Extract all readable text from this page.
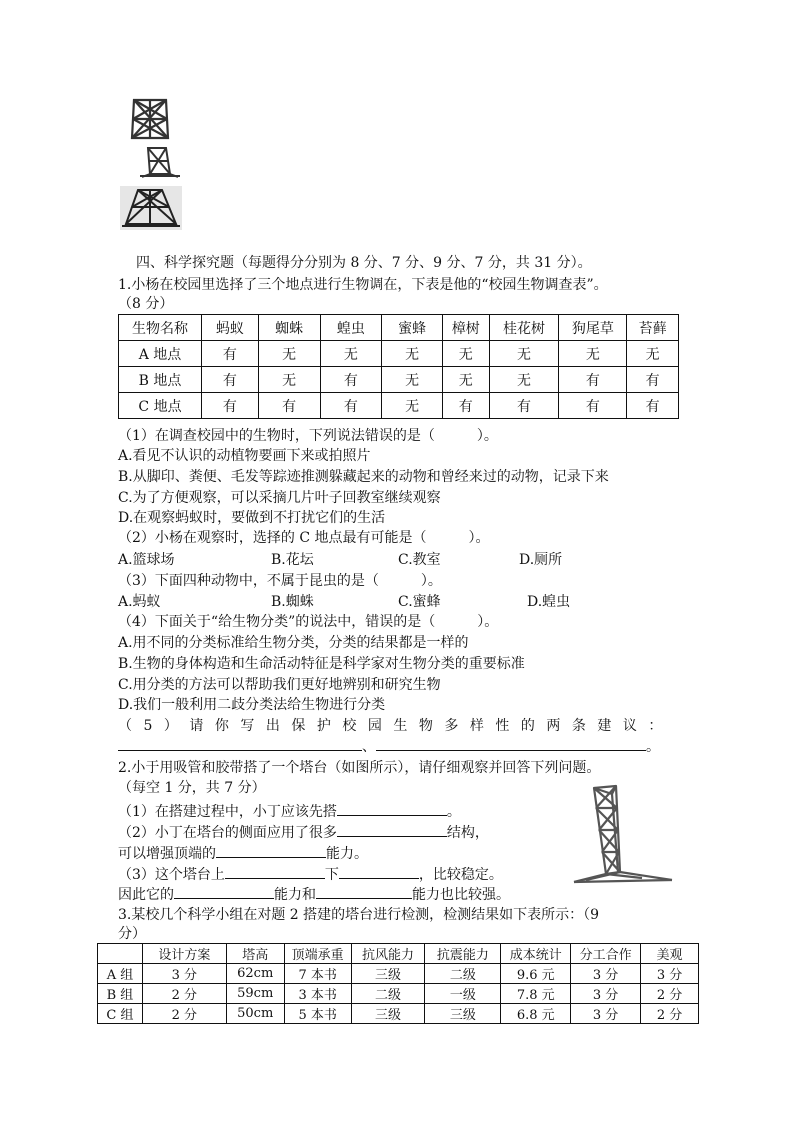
四、科学探究题（每题得分分别为 8 分、7 分、9 分、7 分，共 31 分）。
1.小杨在校园里选择了三个地点进行生物调在，下表是他的“校园生物调查表”。
（8 分）
生物名称	蚂蚁	蜘蛛	蝗虫	蜜蜂	樟树	桂花树	狗尾草	苔藓
A 地点	有	无	无	无	无	无	无	无
B 地点	有	无	有	无	无	无	有	有
C 地点	有	有	有	无	有	有	有	有
（1）在调查校园中的生物时，下列说法错误的是（　　　）。
A.看见不认识的动植物要画下来或拍照片
B.从脚印、粪便、毛发等踪迹推测躲藏起来的动物和曾经来过的动物，记录下来
C.为了方便观察，可以采摘几片叶子回教室继续观察
D.在观察蚂蚁时，要做到不打扰它们的生活
（2）小杨在观察时，选择的 C 地点最有可能是（　　　）。
A.篮球场	B.花坛	C.教室	D.厕所
（3）下面四种动物中，不属于昆虫的是（　　　）。
A.蚂蚁	B.蜘蛛	C.蜜蜂	D.蝗虫
（4）下面关于“给生物分类”的说法中，错误的是（　　　）。
A.用不同的分类标准给生物分类，分类的结果都是一样的
B.生物的身体构造和生命活动特征是科学家对生物分类的重要标准
C.用分类的方法可以帮助我们更好地辨别和研究生物
D.我们一般利用二歧分类法给生物进行分类
（5）请你写出保护校园生物多样性的两条建议：
、	。
2.小于用吸管和胶带搭了一个塔台（如图所示），请仔细观察并回答下列问题。
（每空 1 分，共 7 分）
（1）在搭建过程中，小丁应该先搭	。
（2）小丁在塔台的侧面应用了很多	结构，
可以增强顶端的	能力。
（3）这个塔台上	下	，比较稳定。
因此它的	能力和	能力也比较强。
3.某校几个科学小组在对题 2 搭建的塔台进行检测，检测结果如下表所示：（9
分）
	设计方案	塔高	顶端承重	抗风能力	抗震能力	成本统计	分工合作	美观
A 组	3 分	62cm	7 本书	三级	二级	9.6 元	3 分	3 分
B 组	2 分	59cm	3 本书	二级	一级	7.8 元	3 分	2 分
C 组	2 分	50cm	5 本书	三级	三级	6.8 元	3 分	2 分
